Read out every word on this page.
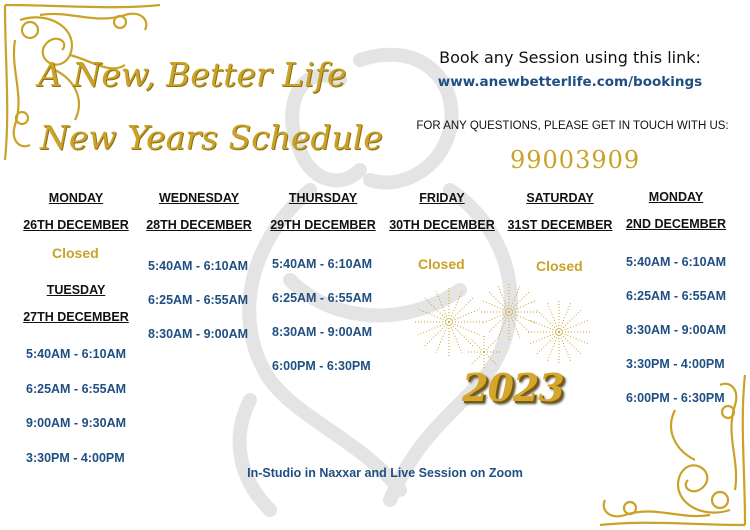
A New, Better Life
New Years Schedule
Book any Session using this link:
www.anewbetterlife.com/bookings
FOR ANY QUESTIONS, PLEASE GET IN TOUCH WITH US:
99003909
MONDAY
26TH DECEMBER
Closed
TUESDAY
27TH DECEMBER
5:40AM - 6:10AM
6:25AM - 6:55AM
9:00AM - 9:30AM
3:30PM - 4:00PM
WEDNESDAY
28TH DECEMBER
5:40AM - 6:10AM
6:25AM - 6:55AM
8:30AM - 9:00AM
THURSDAY
29TH DECEMBER
5:40AM - 6:10AM
6:25AM - 6:55AM
8:30AM - 9:00AM
6:00PM - 6:30PM
FRIDAY
30TH DECEMBER
Closed
SATURDAY
31ST DECEMBER
Closed
MONDAY
2ND DECEMBER
5:40AM - 6:10AM
6:25AM - 6:55AM
8:30AM - 9:00AM
3:30PM - 4:00PM
6:00PM - 6:30PM
2023
In-Studio in Naxxar and Live Session on Zoom
